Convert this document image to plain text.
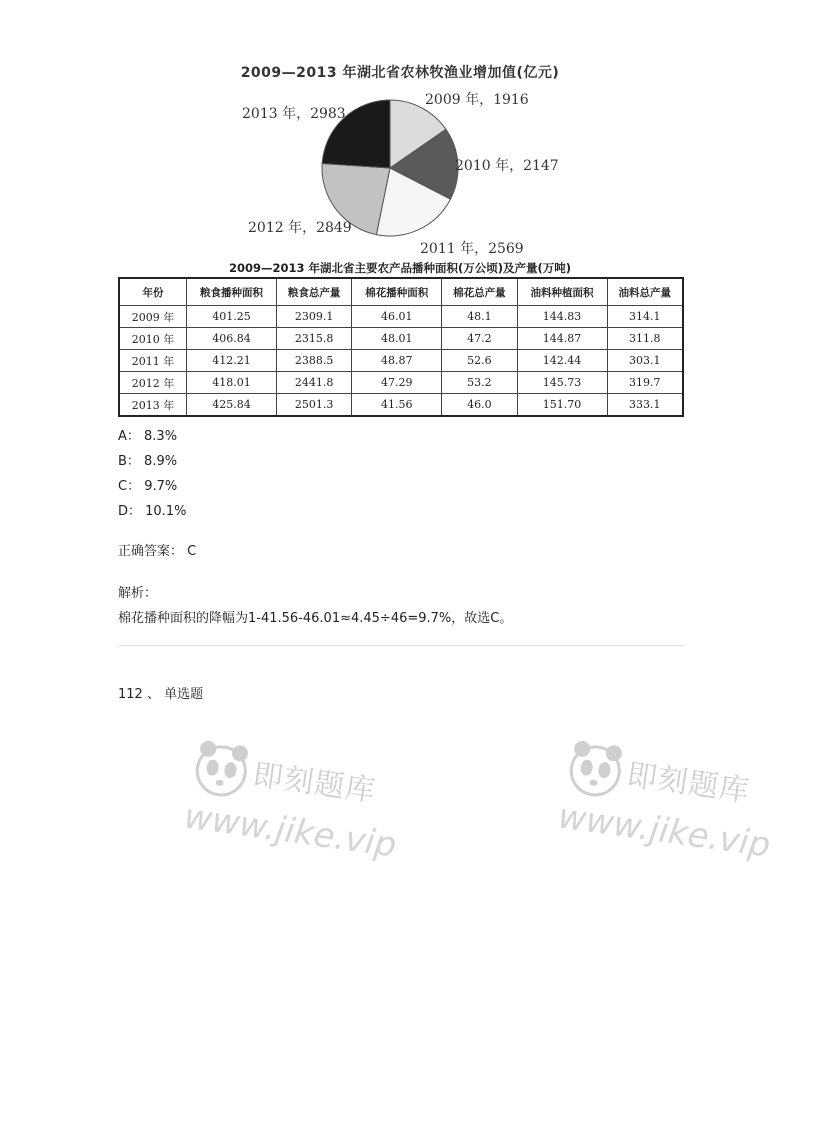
2009—2013 年湖北省农林牧渔业增加值(亿元)
2009 年，1916
2010 年，2147
2011 年，2569
2012 年，2849
2013 年，2983
2009—2013 年湖北省主要农产品播种面积(万公顷)及产量(万吨)
年份	粮食播种面积	粮食总产量	棉花播种面积	棉花总产量	油料种植面积	油料总产量
2009 年	401.25	2309.1	46.01	48.1	144.83	314.1
2010 年	406.84	2315.8	48.01	47.2	144.87	311.8
2011 年	412.21	2388.5	48.87	52.6	142.44	303.1
2012 年	418.01	2441.8	47.29	53.2	145.73	319.7
2013 年	425.84	2501.3	41.56	46.0	151.70	333.1
A： 8.3%
B： 8.9%
C： 9.7%
D： 10.1%
正确答案： C
解析：
棉花播种面积的降幅为1-41.56-46.01≈4.45÷46=9.7%，故选C。
112 、 单选题
即刻题库
www.jike.vip
即刻题库
www.jike.vip
